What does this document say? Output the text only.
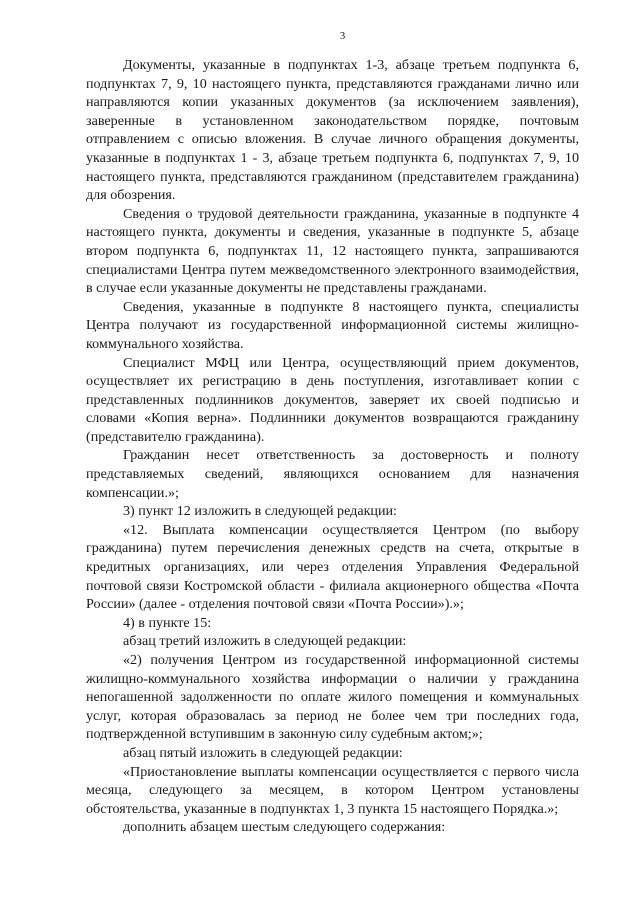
3

Документы, указанные в подпунктах 1-3, абзаце третьем подпункта 6, подпунктах 7, 9, 10 настоящего пункта, представляются гражданами лично или направляются копии указанных документов (за исключением заявления), заверенные в установленном законодательством порядке, почтовым отправлением с описью вложения. В случае личного обращения документы, указанные в подпунктах 1 - 3, абзаце третьем подпункта 6, подпунктах 7, 9, 10 настоящего пункта, представляются гражданином (представителем гражданина) для обозрения.

Сведения о трудовой деятельности гражданина, указанные в подпункте 4 настоящего пункта, документы и сведения, указанные в подпункте 5, абзаце втором подпункта 6, подпунктах 11, 12 настоящего пункта, запрашиваются специалистами Центра путем межведомственного электронного взаимодействия, в случае если указанные документы не представлены гражданами.

Сведения, указанные в подпункте 8 настоящего пункта, специалисты Центра получают из государственной информационной системы жилищно-коммунального хозяйства.

Специалист МФЦ или Центра, осуществляющий прием документов, осуществляет их регистрацию в день поступления, изготавливает копии с представленных подлинников документов, заверяет их своей подписью и словами «Копия верна». Подлинники документов возвращаются гражданину (представителю гражданина).

Гражданин несет ответственность за достоверность и полноту представляемых сведений, являющихся основанием для назначения компенсации.»;

3) пункт 12 изложить в следующей редакции:

«12. Выплата компенсации осуществляется Центром (по выбору гражданина) путем перечисления денежных средств на счета, открытые в кредитных организациях, или через отделения Управления Федеральной почтовой связи Костромской области - филиала акционерного общества «Почта России» (далее - отделения почтовой связи «Почта России»).»;

4) в пункте 15:

абзац третий изложить в следующей редакции:

«2) получения Центром из государственной информационной системы жилищно-коммунального хозяйства информации о наличии у гражданина непогашенной задолженности по оплате жилого помещения и коммунальных услуг, которая образовалась за период не более чем три последних года, подтвержденной вступившим в законную силу судебным актом;»;

абзац пятый изложить в следующей редакции:

«Приостановление выплаты компенсации осуществляется с первого числа месяца, следующего за месяцем, в котором Центром установлены обстоятельства, указанные в подпунктах 1, 3 пункта 15 настоящего Порядка.»;

дополнить абзацем шестым следующего содержания:
